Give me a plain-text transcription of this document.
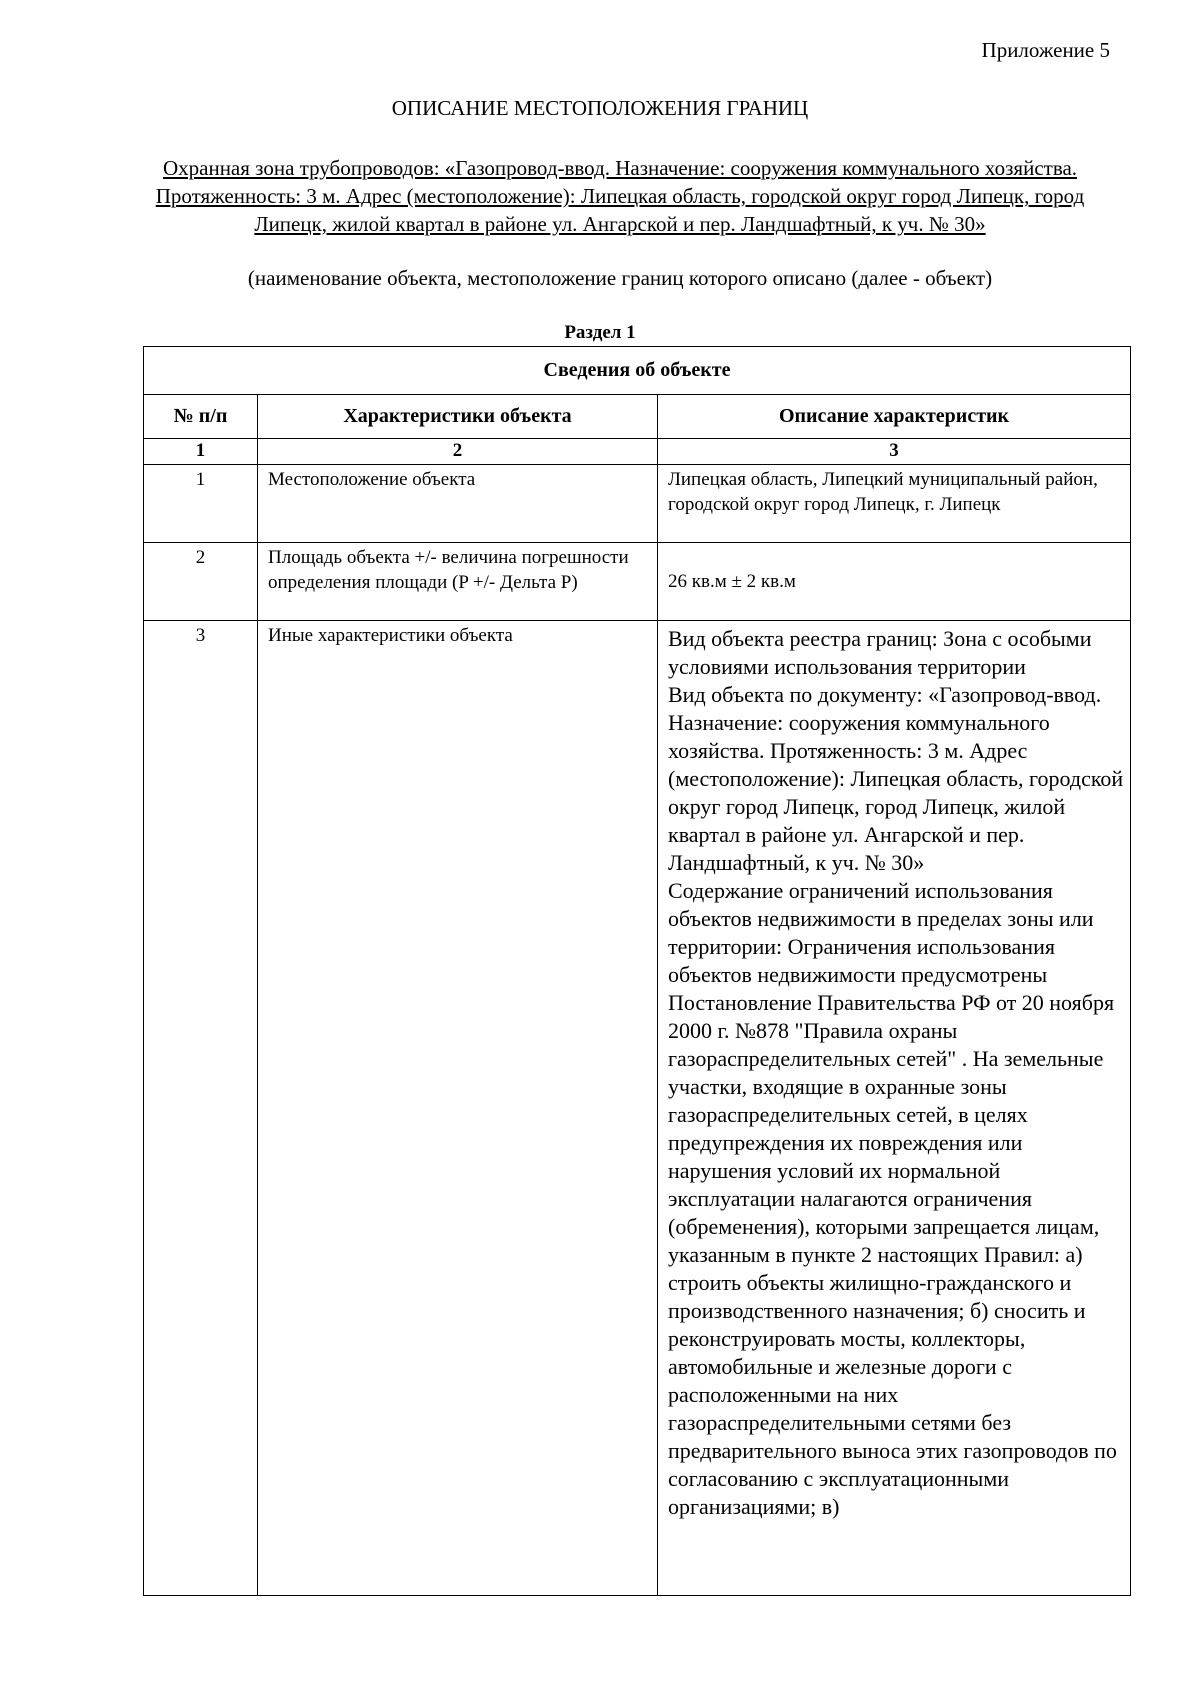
Приложение 5
ОПИСАНИЕ МЕСТОПОЛОЖЕНИЯ ГРАНИЦ
Охранная зона трубопроводов: «Газопровод-ввод. Назначение: сооружения коммунального хозяйства. Протяженность: 3 м. Адрес (местоположение): Липецкая область, городской округ город Липецк, город Липецк, жилой квартал в районе ул. Ангарской и пер. Ландшафтный, к уч. № 30»
(наименование объекта, местоположение границ которого описано (далее - объект)
Раздел 1
Сведения об объекте		
№ п/п	Характеристики объекта	Описание характеристик
1	2	3
1	Местоположение объекта	Липецкая область, Липецкий муниципальный район, городской округ город Липецк, г. Липецк
2	Площадь объекта +/- величина погрешности определения площади (P +/- Дельта P)	26 кв.м ± 2 кв.м
3	Иные характеристики объекта	Вид объекта реестра границ: Зона с особыми условиями использования территории
Вид объекта по документу: «Газопровод-ввод. Назначение: сооружения коммунального хозяйства. Протяженность: 3 м. Адрес (местоположение): Липецкая область, городской округ город Липецк, город Липецк, жилой квартал в районе ул. Ангарской и пер. Ландшафтный, к уч. № 30»
Содержание ограничений использования объектов недвижимости в пределах зоны или территории: Ограничения использования объектов недвижимости предусмотрены Постановление Правительства РФ от 20 ноября 2000 г. №878 "Правила охраны газораспределительных сетей" . На земельные участки, входящие в охранные зоны газораспределительных сетей, в целях предупреждения их повреждения или нарушения условий их нормальной эксплуатации налагаются ограничения (обременения), которыми запрещается лицам, указанным в пункте 2 настоящих Правил: а) строить объекты жилищно-гражданского и производственного назначения; б) сносить и реконструировать мосты, коллекторы, автомобильные и железные дороги с расположенными на них газораспределительными сетями без предварительного выноса этих газопроводов по согласованию с эксплуатационными организациями; в)
